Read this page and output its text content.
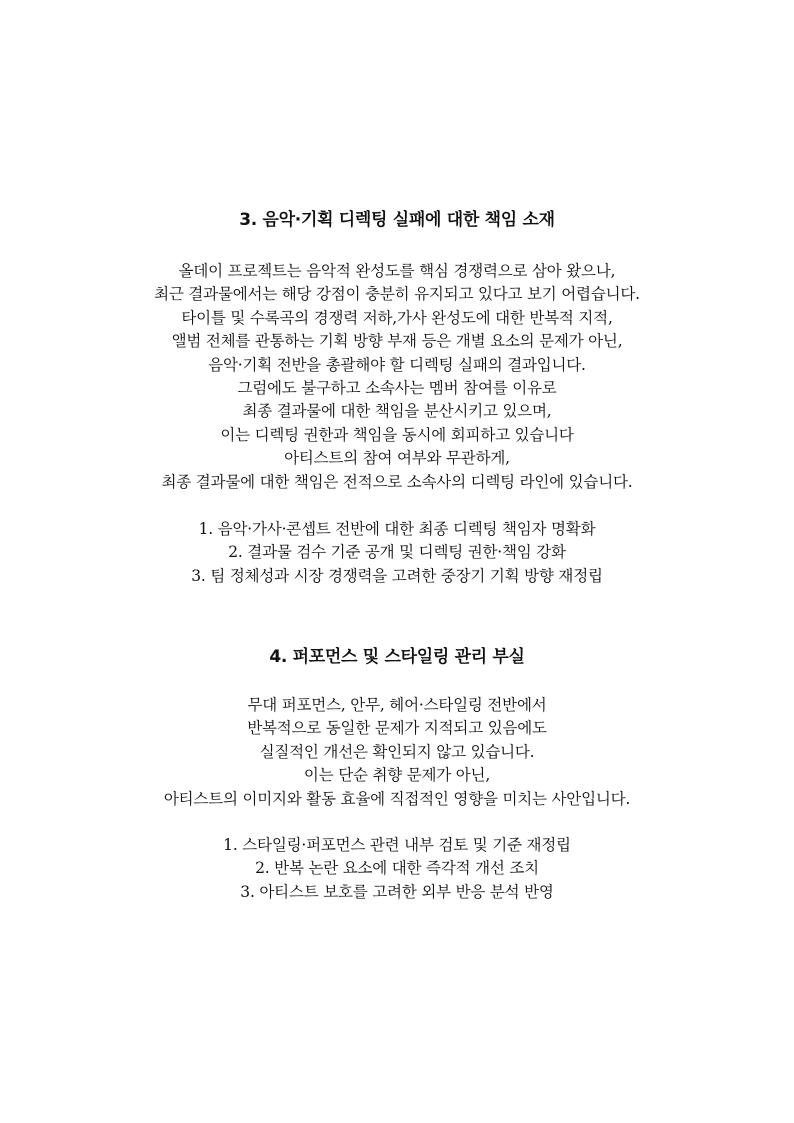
3. 음악·기획 디렉팅 실패에 대한 책임 소재

올데이 프로젝트는 음악적 완성도를 핵심 경쟁력으로 삼아 왔으나,
최근 결과물에서는 해당 강점이 충분히 유지되고 있다고 보기 어렵습니다.
타이틀 및 수록곡의 경쟁력 저하,가사 완성도에 대한 반복적 지적,
앨범 전체를 관통하는 기획 방향 부재 등은 개별 요소의 문제가 아닌,
음악·기획 전반을 총괄해야 할 디렉팅 실패의 결과입니다.
그럼에도 불구하고 소속사는 멤버 참여를 이유로
최종 결과물에 대한 책임을 분산시키고 있으며,
이는 디렉팅 권한과 책임을 동시에 회피하고 있습니다
아티스트의 참여 여부와 무관하게,
최종 결과물에 대한 책임은 전적으로 소속사의 디렉팅 라인에 있습니다.

1. 음악·가사·콘셉트 전반에 대한 최종 디렉팅 책임자 명확화
2. 결과물 검수 기준 공개 및 디렉팅 권한·책임 강화
3. 팀 정체성과 시장 경쟁력을 고려한 중장기 기획 방향 재정립
4. 퍼포먼스 및 스타일링 관리 부실

무대 퍼포먼스, 안무, 헤어·스타일링 전반에서
반복적으로 동일한 문제가 지적되고 있음에도
실질적인 개선은 확인되지 않고 있습니다.
이는 단순 취향 문제가 아닌,
아티스트의 이미지와 활동 효율에 직접적인 영향을 미치는 사안입니다.

1. 스타일링·퍼포먼스 관련 내부 검토 및 기준 재정립
2. 반복 논란 요소에 대한 즉각적 개선 조치
3. 아티스트 보호를 고려한 외부 반응 분석 반영
